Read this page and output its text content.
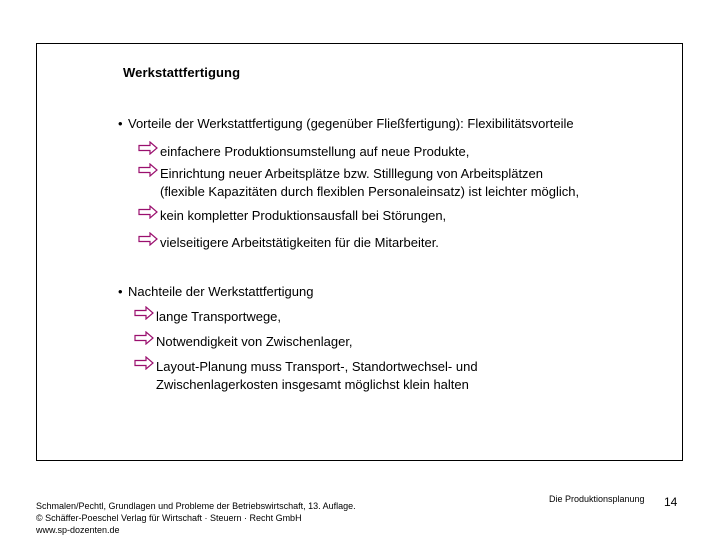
Werkstattfertigung
• Vorteile der Werkstattfertigung (gegenüber Fließfertigung): Flexibilitätsvorteile
einfachere Produktionsumstellung auf neue Produkte,
Einrichtung neuer Arbeitsplätze bzw. Stilllegung von Arbeitsplätzen
(flexible Kapazitäten durch flexiblen Personaleinsatz) ist leichter möglich,
kein kompletter Produktionsausfall bei Störungen,
vielseitigere Arbeitstätigkeiten für die Mitarbeiter.
• Nachteile der Werkstattfertigung
lange Transportwege,
Notwendigkeit von Zwischenlager,
Layout-Planung muss Transport-, Standortwechsel- und
Zwischenlagerkosten insgesamt möglichst klein halten
Schmalen/Pechtl, Grundlagen und Probleme der Betriebswirtschaft, 13. Auflage.
© Schäffer-Poeschel Verlag für Wirtschaft · Steuern · Recht GmbH
www.sp-dozenten.de
Die Produktionsplanung 14
